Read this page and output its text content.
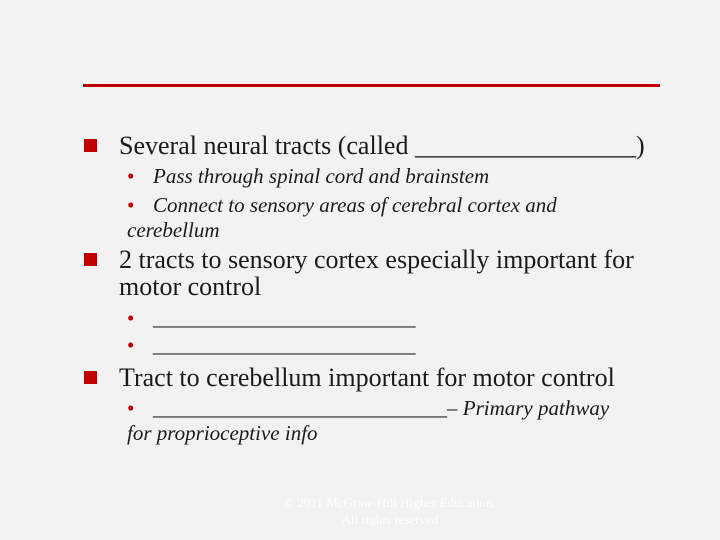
Several neural tracts (called _________________)
• Pass through spinal cord and brainstem
• Connect to sensory areas of cerebral cortex and cerebellum
2 tracts to sensory cortex especially important for motor control
• _________________________
• _________________________
Tract to cerebellum important for motor control
• ____________________________– Primary pathway for proprioceptive info
© 2011 McGraw-Hill Higher Education.
All rights reserved
